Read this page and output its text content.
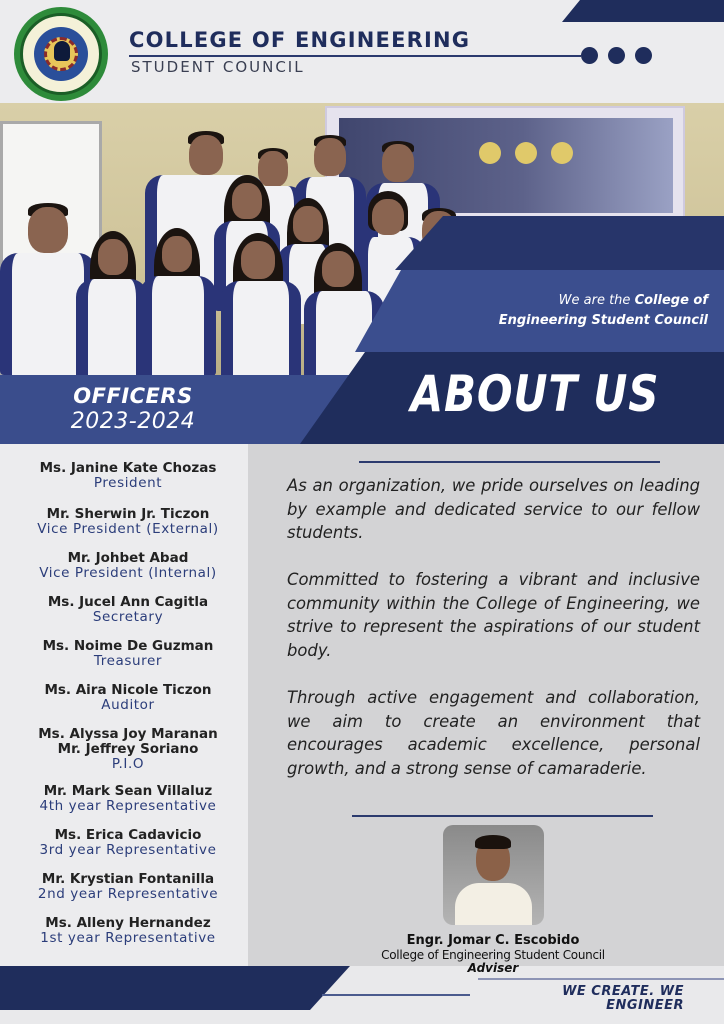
COLLEGE OF ENGINEERING
STUDENT COUNCIL
We are the College of
Engineering Student Council
OFFICERS
2023-2024	ABOUT US
Ms. Janine Kate Chozas
President
Mr. Sherwin Jr. Ticzon
Vice President (External)
Mr. Johbet Abad
Vice President (Internal)
Ms. Jucel Ann Cagitla
Secretary
Ms. Noime De Guzman
Treasurer
Ms. Aira Nicole Ticzon
Auditor
Ms. Alyssa Joy Maranan
Mr. Jeffrey Soriano
P.I.O
Mr. Mark Sean Villaluz
4th year Representative
Ms. Erica Cadavicio
3rd year Representative
Mr. Krystian Fontanilla
2nd year Representative
Ms. Alleny Hernandez
1st year Representative
As an organization, we pride ourselves on leading by example and dedicated service to our fellow students.
Committed to fostering a vibrant and inclusive community within the College of Engineering, we strive to represent the aspirations of our student body.
Through active engagement and collaboration, we aim to create an environment that encourages academic excellence, personal growth, and a strong sense of camaraderie.
Engr. Jomar C. Escobido
College of Engineering Student Council
Adviser
WE CREATE. WE
ENGINEER
